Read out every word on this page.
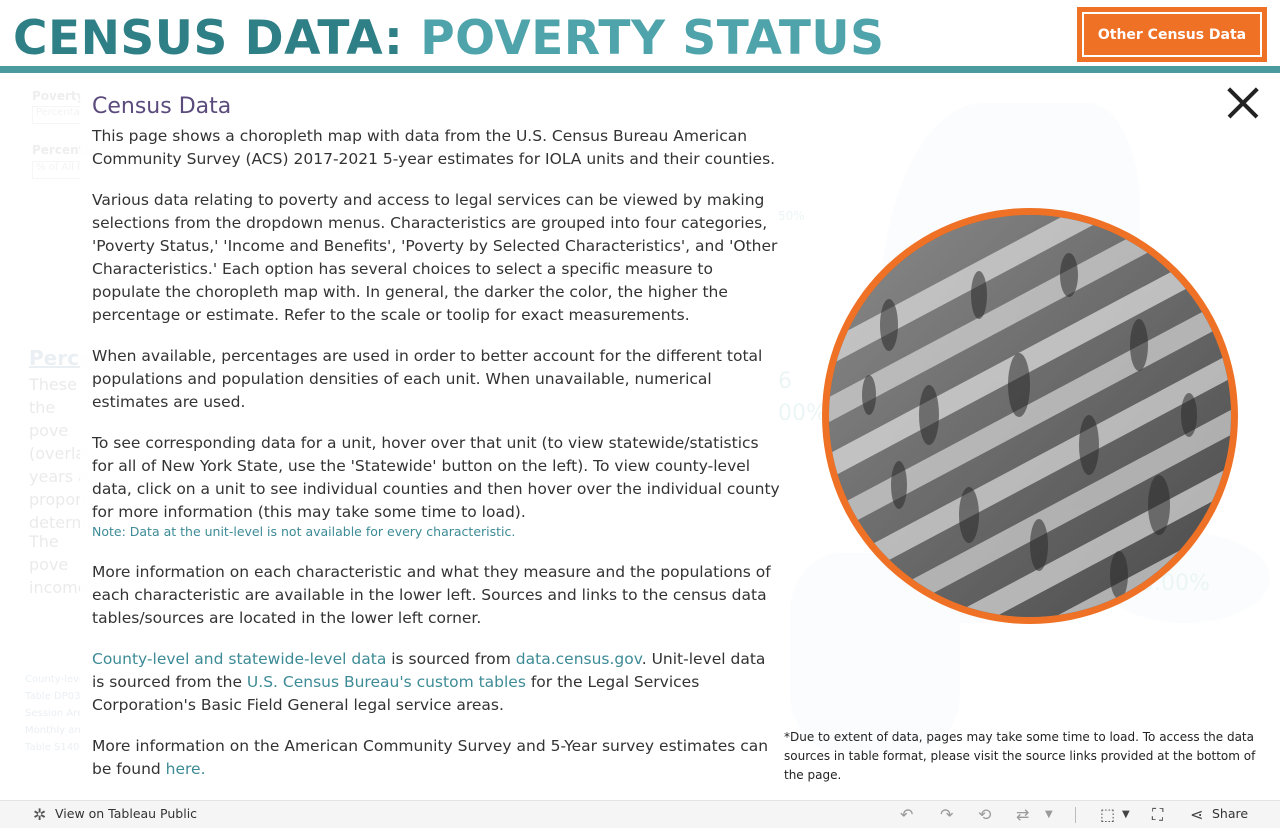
CENSUS DATA: POVERTY STATUS	Other Census Data
Census Data

This page shows a choropleth map with data from the U.S. Census Bureau American Community Survey (ACS) 2017-2021 5-year estimates for IOLA units and their counties.

Various data relating to poverty and access to legal services can be viewed by making selections from the dropdown menus. Characteristics are grouped into four categories, 'Poverty Status,' 'Income and Benefits', 'Poverty by Selected Characteristics', and 'Other Characteristics.' Each option has several choices to select a specific measure to populate the choropleth map with. In general, the darker the color, the higher the percentage or estimate. Refer to the scale or toolip for exact measurements.

When available, percentages are used in order to better account for the different total populations and population densities of each unit. When unavailable, numerical estimates are used.

To see corresponding data for a unit, hover over that unit (to view statewide/statistics for all of New York State, use the 'Statewide' button on the left). To view county-level data, click on a unit to see individual counties and then hover over the individual county for more information (this may take some time to load).

Note: Data at the unit-level is not available for every characteristic.

More information on each characteristic and what they measure and the populations of each characteristic are available in the lower left. Sources and links to the census data tables/sources are located in the lower left corner.

County-level and statewide-level data is sourced from data.census.gov. Unit-level data is sourced from the U.S. Census Bureau's custom tables for the Legal Services Corporation's Basic Field General legal service areas.

More information on the American Community Survey and 5-Year survey estimates can be found here.

*Due to extent of data, pages may take some time to load. To access the data sources in table format, please visit the source links provided at the bottom of the page.
✲ View on Tableau Public	↶ ↷ ⟲ ⇄ ▼	⬚ ▼ ⛶ ⋖ Share
